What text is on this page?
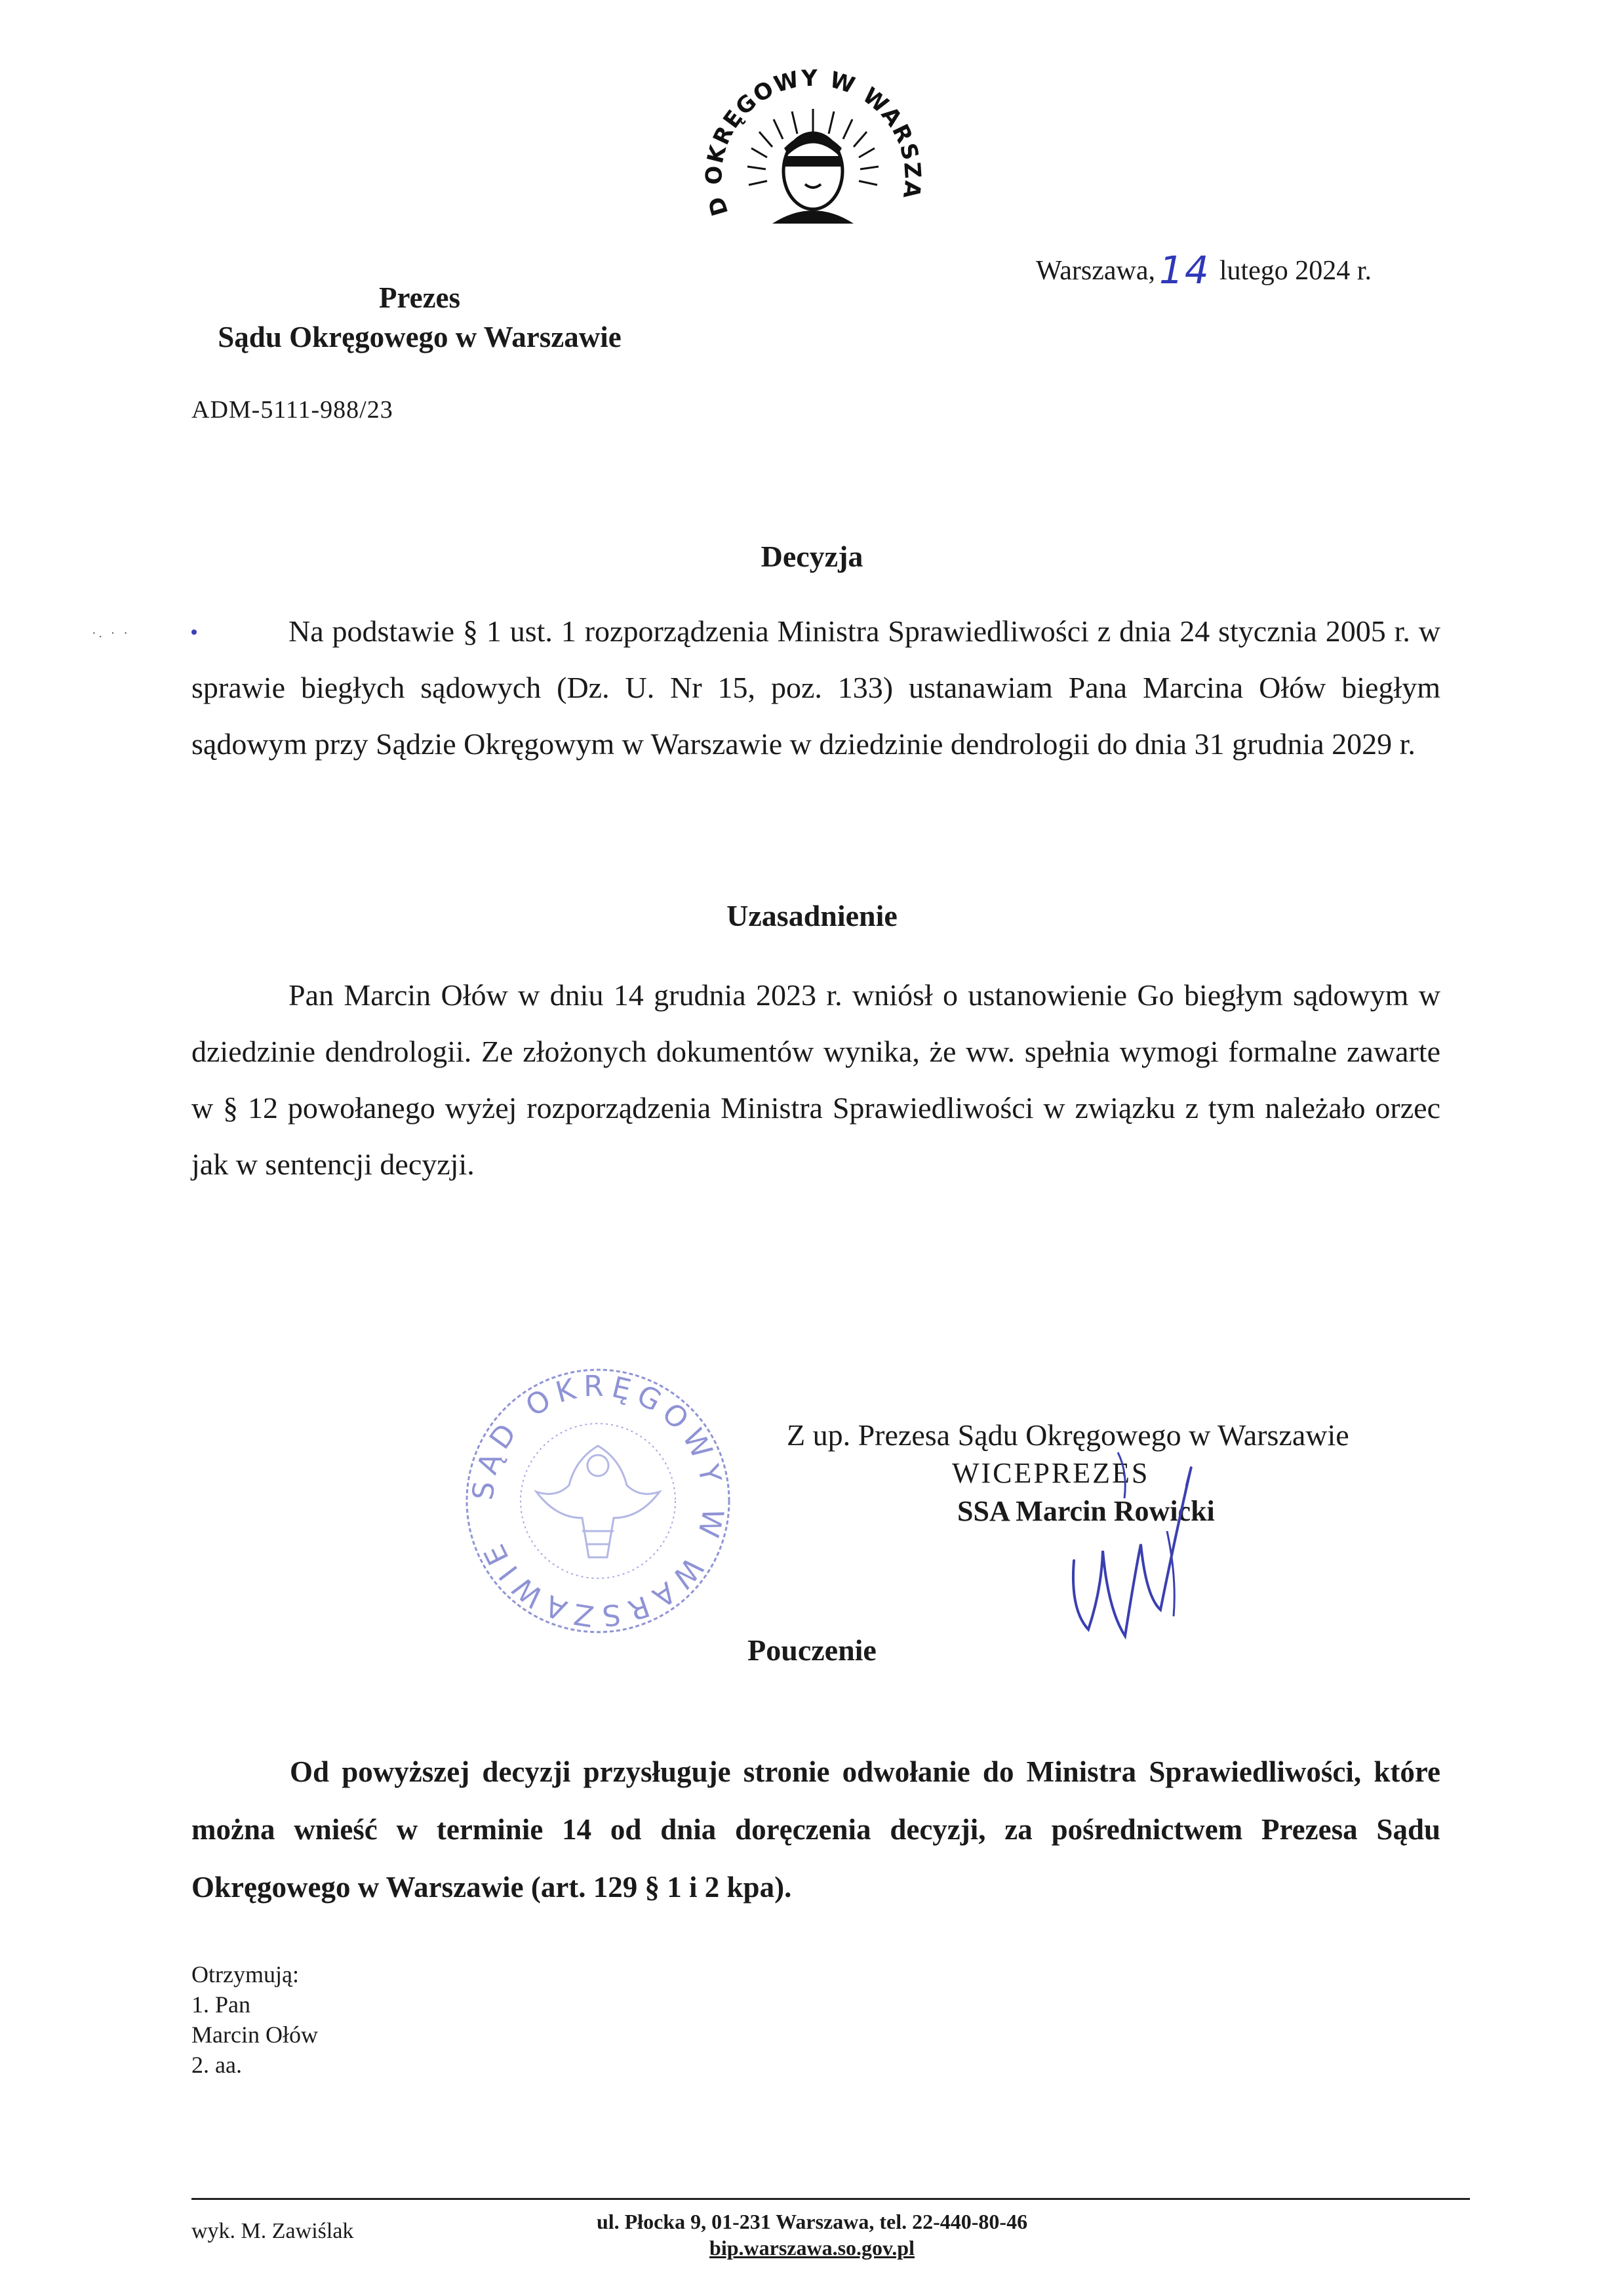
D OKRĘGOWY W WARSZA
Warszawa, 14 lutego 2024 r.
Prezes
Sądu Okręgowego w Warszawie
ADM-5111-988/23
·. · ·
Decyzja

Na podstawie § 1 ust. 1 rozporządzenia Ministra Sprawiedliwości z dnia 24 stycznia 2005 r. w sprawie biegłych sądowych (Dz. U. Nr 15, poz. 133) ustanawiam Pana Marcina Ołów biegłym sądowym przy Sądzie Okręgowym w Warszawie w dziedzinie dendrologii do dnia 31 grudnia 2029 r.

Uzasadnienie

Pan Marcin Ołów w dniu 14 grudnia 2023 r. wniósł o ustanowienie Go biegłym sądowym w dziedzinie dendrologii. Ze złożonych dokumentów wynika, że ww. spełnia wymogi formalne zawarte w § 12 powołanego wyżej rozporządzenia Ministra Sprawiedliwości w związku z tym należało orzec jak w sentencji decyzji.

SĄD OKRĘGOWY W WARSZAWIE
Z up. Prezesa Sądu Okręgowego w Warszawie
WICEPREZES
SSA Marcin Rowicki
Pouczenie

Od powyższej decyzji przysługuje stronie odwołanie do Ministra Sprawiedliwości, które można wnieść w terminie 14 od dnia doręczenia decyzji, za pośrednictwem Prezesa Sądu Okręgowego w Warszawie (art. 129 § 1 i 2 kpa).

Otrzymują:
1. Pan
Marcin Ołów
2. aa.
ul. Płocka 9, 01-231 Warszawa, tel. 22-440-80-46
bip.warszawa.so.gov.pl
wyk. M. Zawiślak
